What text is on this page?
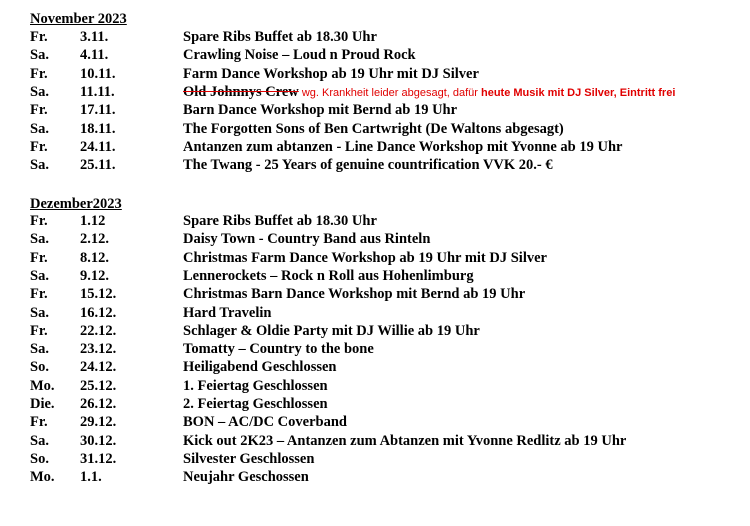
November 2023
Fr. 3.11.	Spare Ribs Buffet ab 18.30 Uhr
Sa. 4.11.	Crawling Noise – Loud n Proud Rock
Fr. 10.11.	Farm Dance Workshop ab 19 Uhr mit DJ Silver
Sa. 11.11.	Old Johnnys Crew wg. Krankheit leider abgesagt, dafür heute Musik mit DJ Silver, Eintritt frei
Fr. 17.11.	Barn Dance Workshop mit Bernd ab 19 Uhr
Sa. 18.11.	The Forgotten Sons of Ben Cartwright (De Waltons abgesagt)
Fr. 24.11.	Antanzen zum abtanzen - Line Dance Workshop mit Yvonne ab 19 Uhr
Sa. 25.11.	The Twang - 25 Years of genuine countrification VVK 20.- €
Dezember2023
Fr. 1.12	Spare Ribs Buffet ab 18.30 Uhr
Sa. 2.12.	Daisy Town - Country Band aus Rinteln
Fr. 8.12.	Christmas Farm Dance Workshop ab 19 Uhr mit DJ Silver
Sa. 9.12.	Lennerockets – Rock n Roll aus Hohenlimburg
Fr. 15.12.	Christmas Barn Dance Workshop mit Bernd ab 19 Uhr
Sa. 16.12.	Hard Travelin
Fr. 22.12.	Schlager & Oldie Party mit DJ Willie ab 19 Uhr
Sa. 23.12.	Tomatty – Country to the bone
So. 24.12.	Heiligabend Geschlossen
Mo. 25.12.	1. Feiertag Geschlossen
Die. 26.12.	2. Feiertag Geschlossen
Fr. 29.12.	BON – AC/DC Coverband
Sa. 30.12.	Kick out 2K23 – Antanzen zum Abtanzen mit Yvonne Redlitz ab 19 Uhr
So. 31.12.	Silvester Geschlossen
Mo. 1.1.	Neujahr Geschossen
